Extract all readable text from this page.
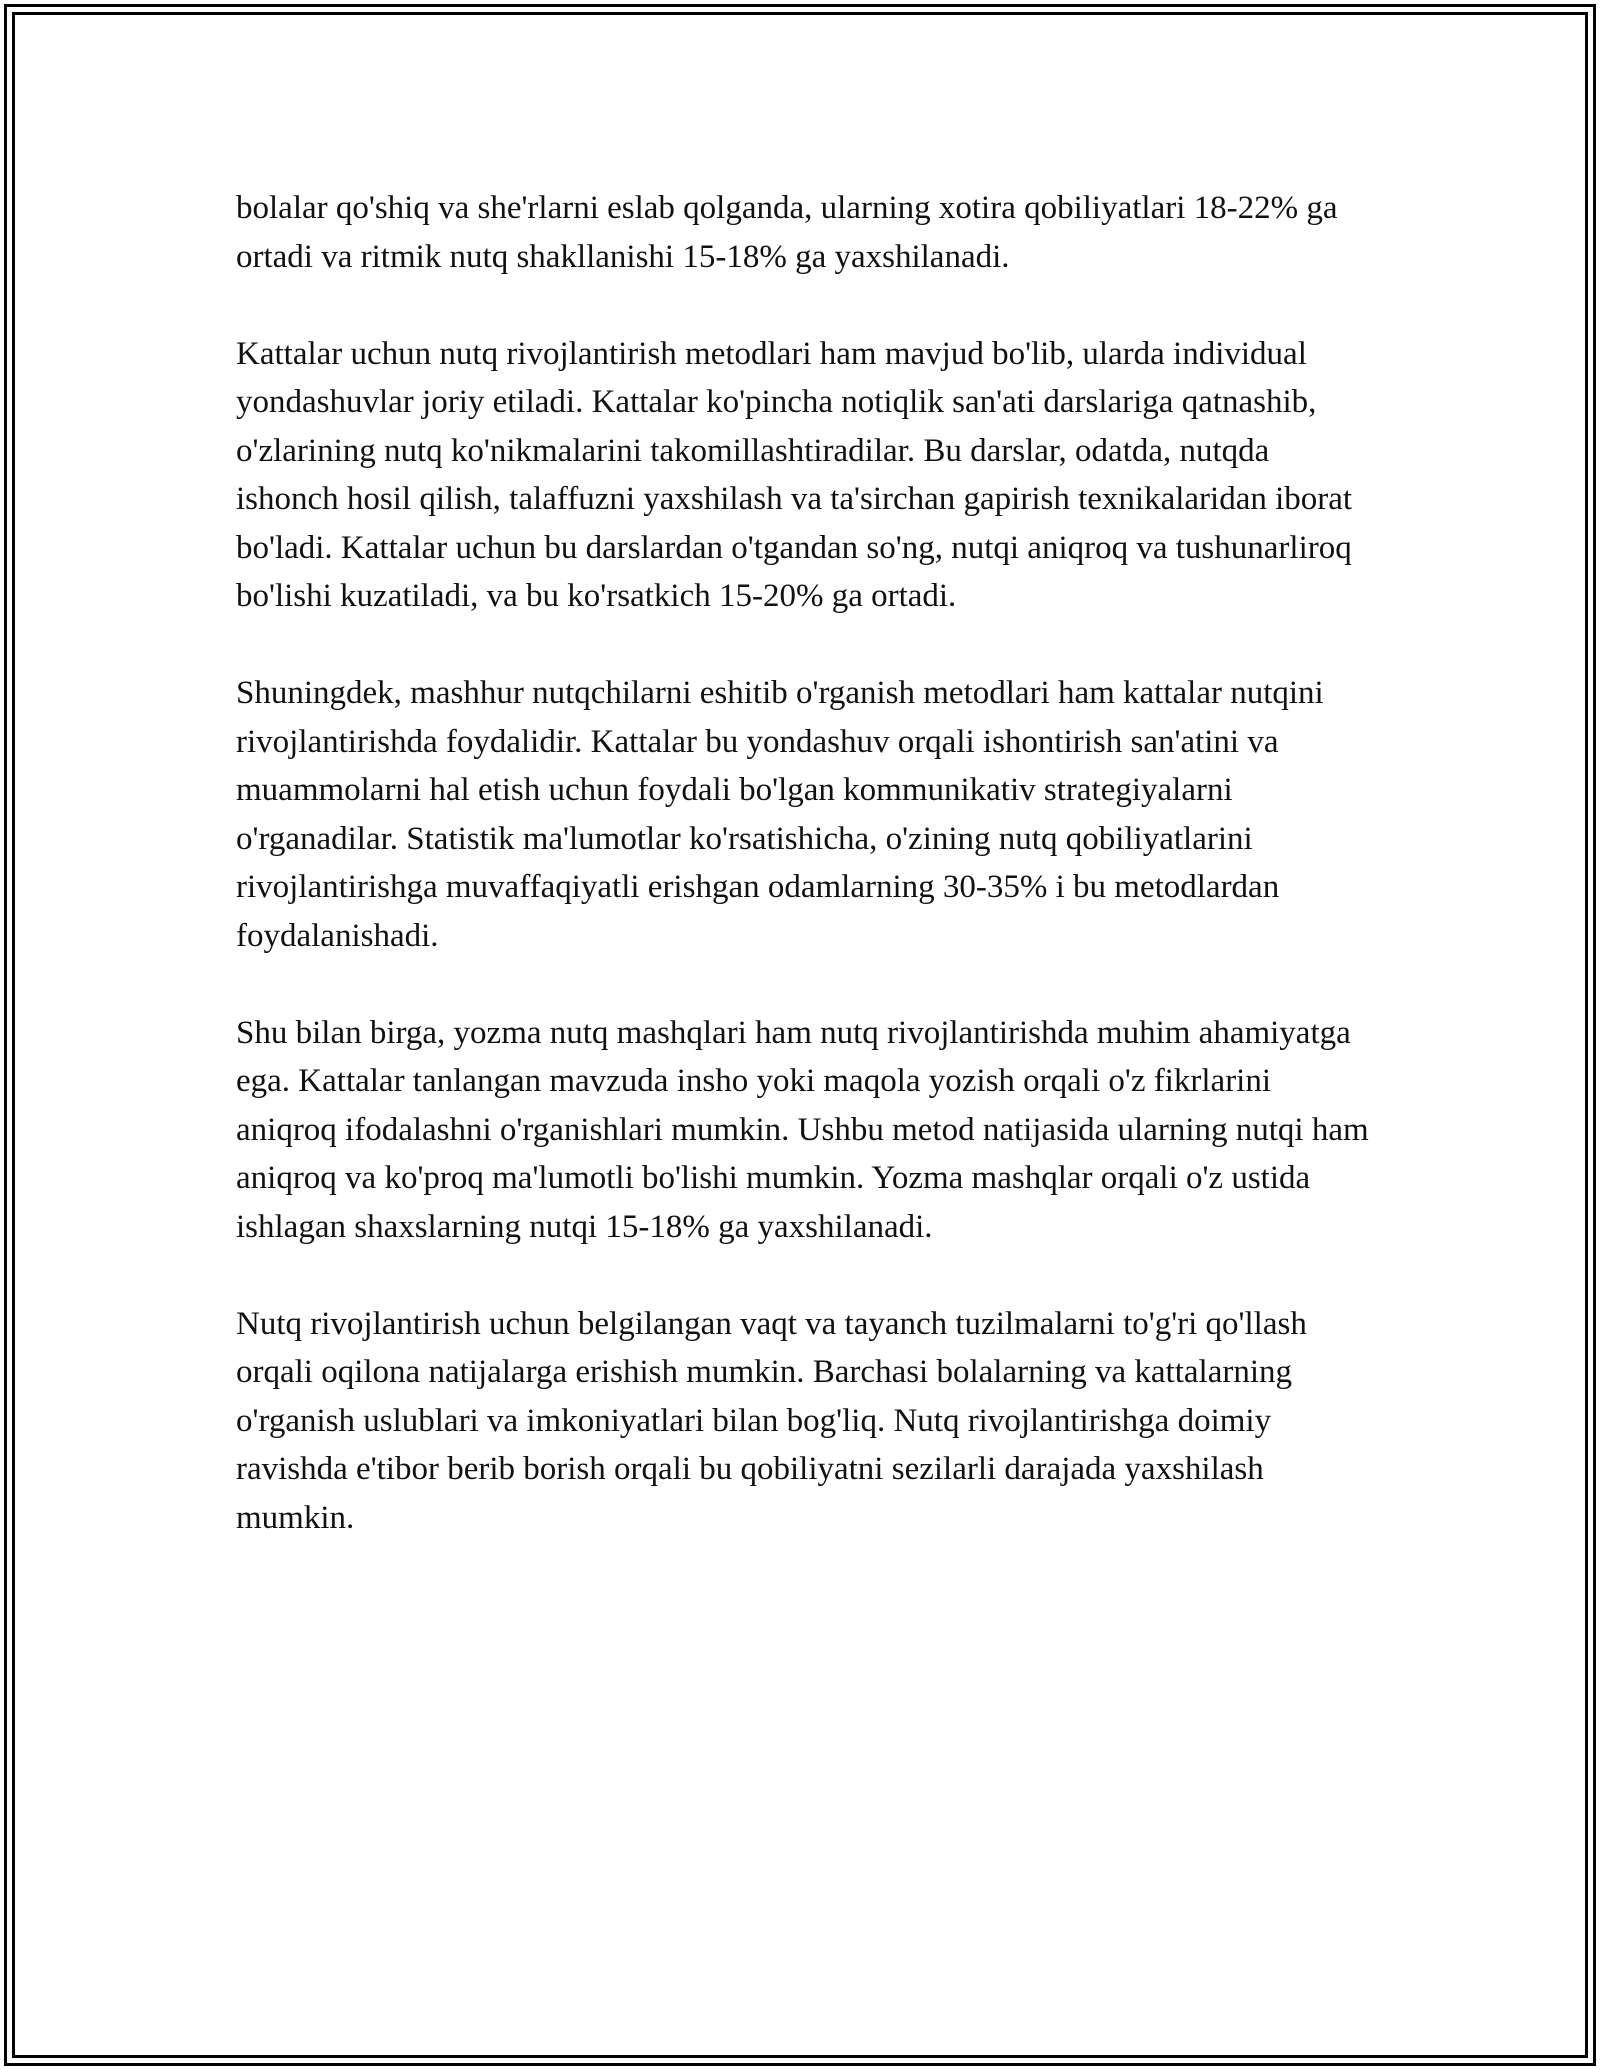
bolalar qo'shiq va she'rlarni eslab qolganda, ularning xotira qobiliyatlari 18-22% ga ortadi va ritmik nutq shakllanishi 15-18% ga yaxshilanadi.

Kattalar uchun nutq rivojlantirish metodlari ham mavjud bo'lib, ularda individual yondashuvlar joriy etiladi. Kattalar ko'pincha notiqlik san'ati darslariga qatnashib, o'zlarining nutq ko'nikmalarini takomillashtiradilar. Bu darslar, odatda, nutqda ishonch hosil qilish, talaffuzni yaxshilash va ta'sirchan gapirish texnikalaridan iborat bo'ladi. Kattalar uchun bu darslardan o'tgandan so'ng, nutqi aniqroq va tushunarliroq bo'lishi kuzatiladi, va bu ko'rsatkich 15-20% ga ortadi.

Shuningdek, mashhur nutqchilarni eshitib o'rganish metodlari ham kattalar nutqini rivojlantirishda foydalidir. Kattalar bu yondashuv orqali ishontirish san'atini va muammolarni hal etish uchun foydali bo'lgan kommunikativ strategiyalarni o'rganadilar. Statistik ma'lumotlar ko'rsatishicha, o'zining nutq qobiliyatlarini rivojlantirishga muvaffaqiyatli erishgan odamlarning 30-35% i bu metodlardan foydalanishadi.

Shu bilan birga, yozma nutq mashqlari ham nutq rivojlantirishda muhim ahamiyatga ega. Kattalar tanlangan mavzuda insho yoki maqola yozish orqali o'z fikrlarini aniqroq ifodalashni o'rganishlari mumkin. Ushbu metod natijasida ularning nutqi ham aniqroq va ko'proq ma'lumotli bo'lishi mumkin. Yozma mashqlar orqali o'z ustida ishlagan shaxslarning nutqi 15-18% ga yaxshilanadi.

Nutq rivojlantirish uchun belgilangan vaqt va tayanch tuzilmalarni to'g'ri qo'llash orqali oqilona natijalarga erishish mumkin. Barchasi bolalarning va kattalarning o'rganish uslublari va imkoniyatlari bilan bog'liq. Nutq rivojlantirishga doimiy ravishda e'tibor berib borish orqali bu qobiliyatni sezilarli darajada yaxshilash mumkin.
